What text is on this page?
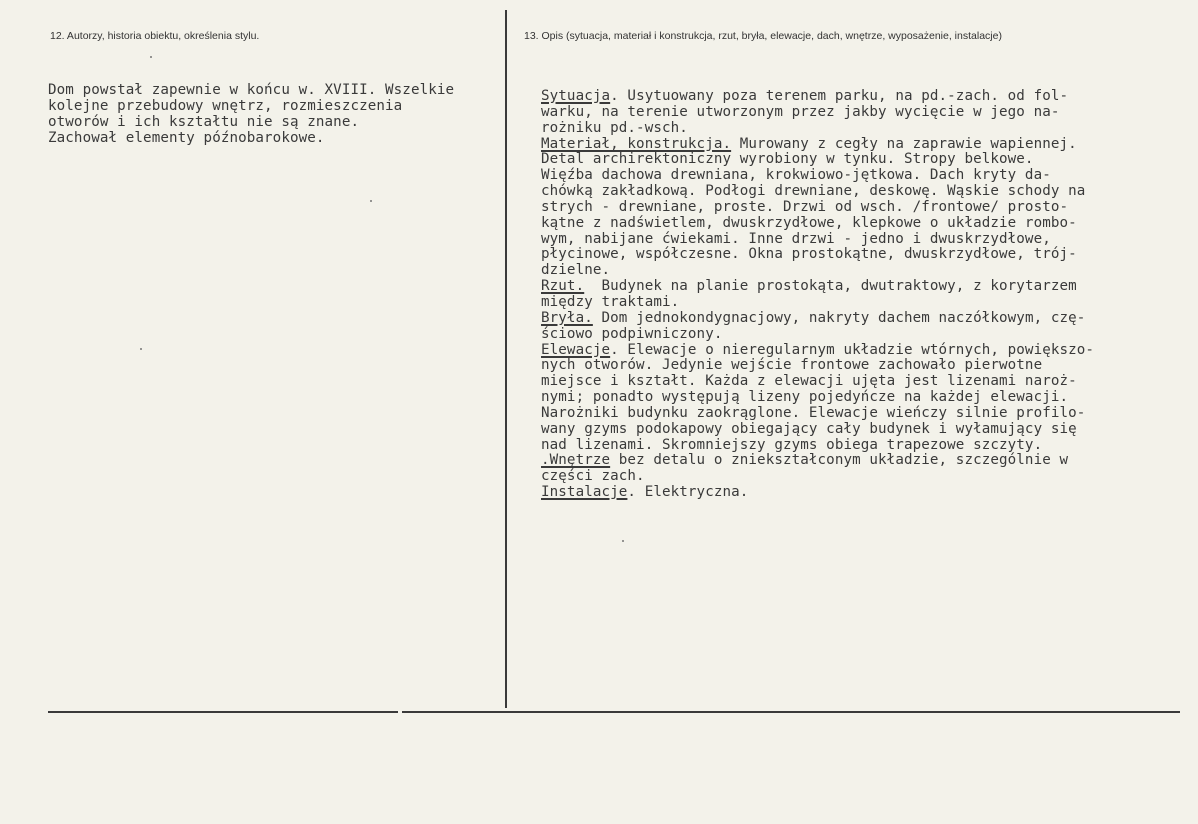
12. Autorzy, historia obiektu, określenia stylu.	13. Opis (sytuacja, materiał i konstrukcja, rzut, bryła, elewacje, dach, wnętrze, wyposażenie, instalacje)
Dom powstał zapewnie w końcu w. XVIII. Wszelkie
kolejne przebudowy wnętrz, rozmieszczenia
otworów i ich kształtu nie są znane.
Zachował elementy późnobarokowe.
Sytuacja. Usytuowany poza terenem parku, na pd.-zach. od fol-
warku, na terenie utworzonym przez jakby wycięcie w jego na-
rożniku pd.-wsch.
Materiał, konstrukcja. Murowany z cegły na zaprawie wapiennej.
Detal archirektoniczny wyrobiony w tynku. Stropy belkowe.
Więźba dachowa drewniana, krokwiowo-jętkowa. Dach kryty da-
chówką zakładkową. Podłogi drewniane, deskowę. Wąskie schody na
strych - drewniane, proste. Drzwi od wsch. /frontowe/ prosto-
kątne z nadświetlem, dwuskrzydłowe, klepkowe o układzie rombo-
wym, nabijane ćwiekami. Inne drzwi - jedno i dwuskrzydłowe,
płycinowe, współczesne. Okna prostokątne, dwuskrzydłowe, trój-
dzielne.
Rzut.  Budynek na planie prostokąta, dwutraktowy, z korytarzem
między traktami.
Bryła. Dom jednokondygnacjowy, nakryty dachem naczółkowym, czę-
ściowo podpiwniczony.
Elewacje. Elewacje o nieregularnym układzie wtórnych, powiększo-
nych otworów. Jedynie wejście frontowe zachowało pierwotne
miejsce i kształt. Każda z elewacji ujęta jest lizenami naroż-
nymi; ponadto występują lizeny pojedyńcze na każdej elewacji.
Narożniki budynku zaokrąglone. Elewacje wieńczy silnie profilo-
wany gzyms podokapowy obiegający cały budynek i wyłamujący się
nad lizenami. Skromniejszy gzyms obiega trapezowe szczyty.
.Wnętrze bez detalu o zniekształconym układzie, szczególnie w
części zach.
Instalacje. Elektryczna.
